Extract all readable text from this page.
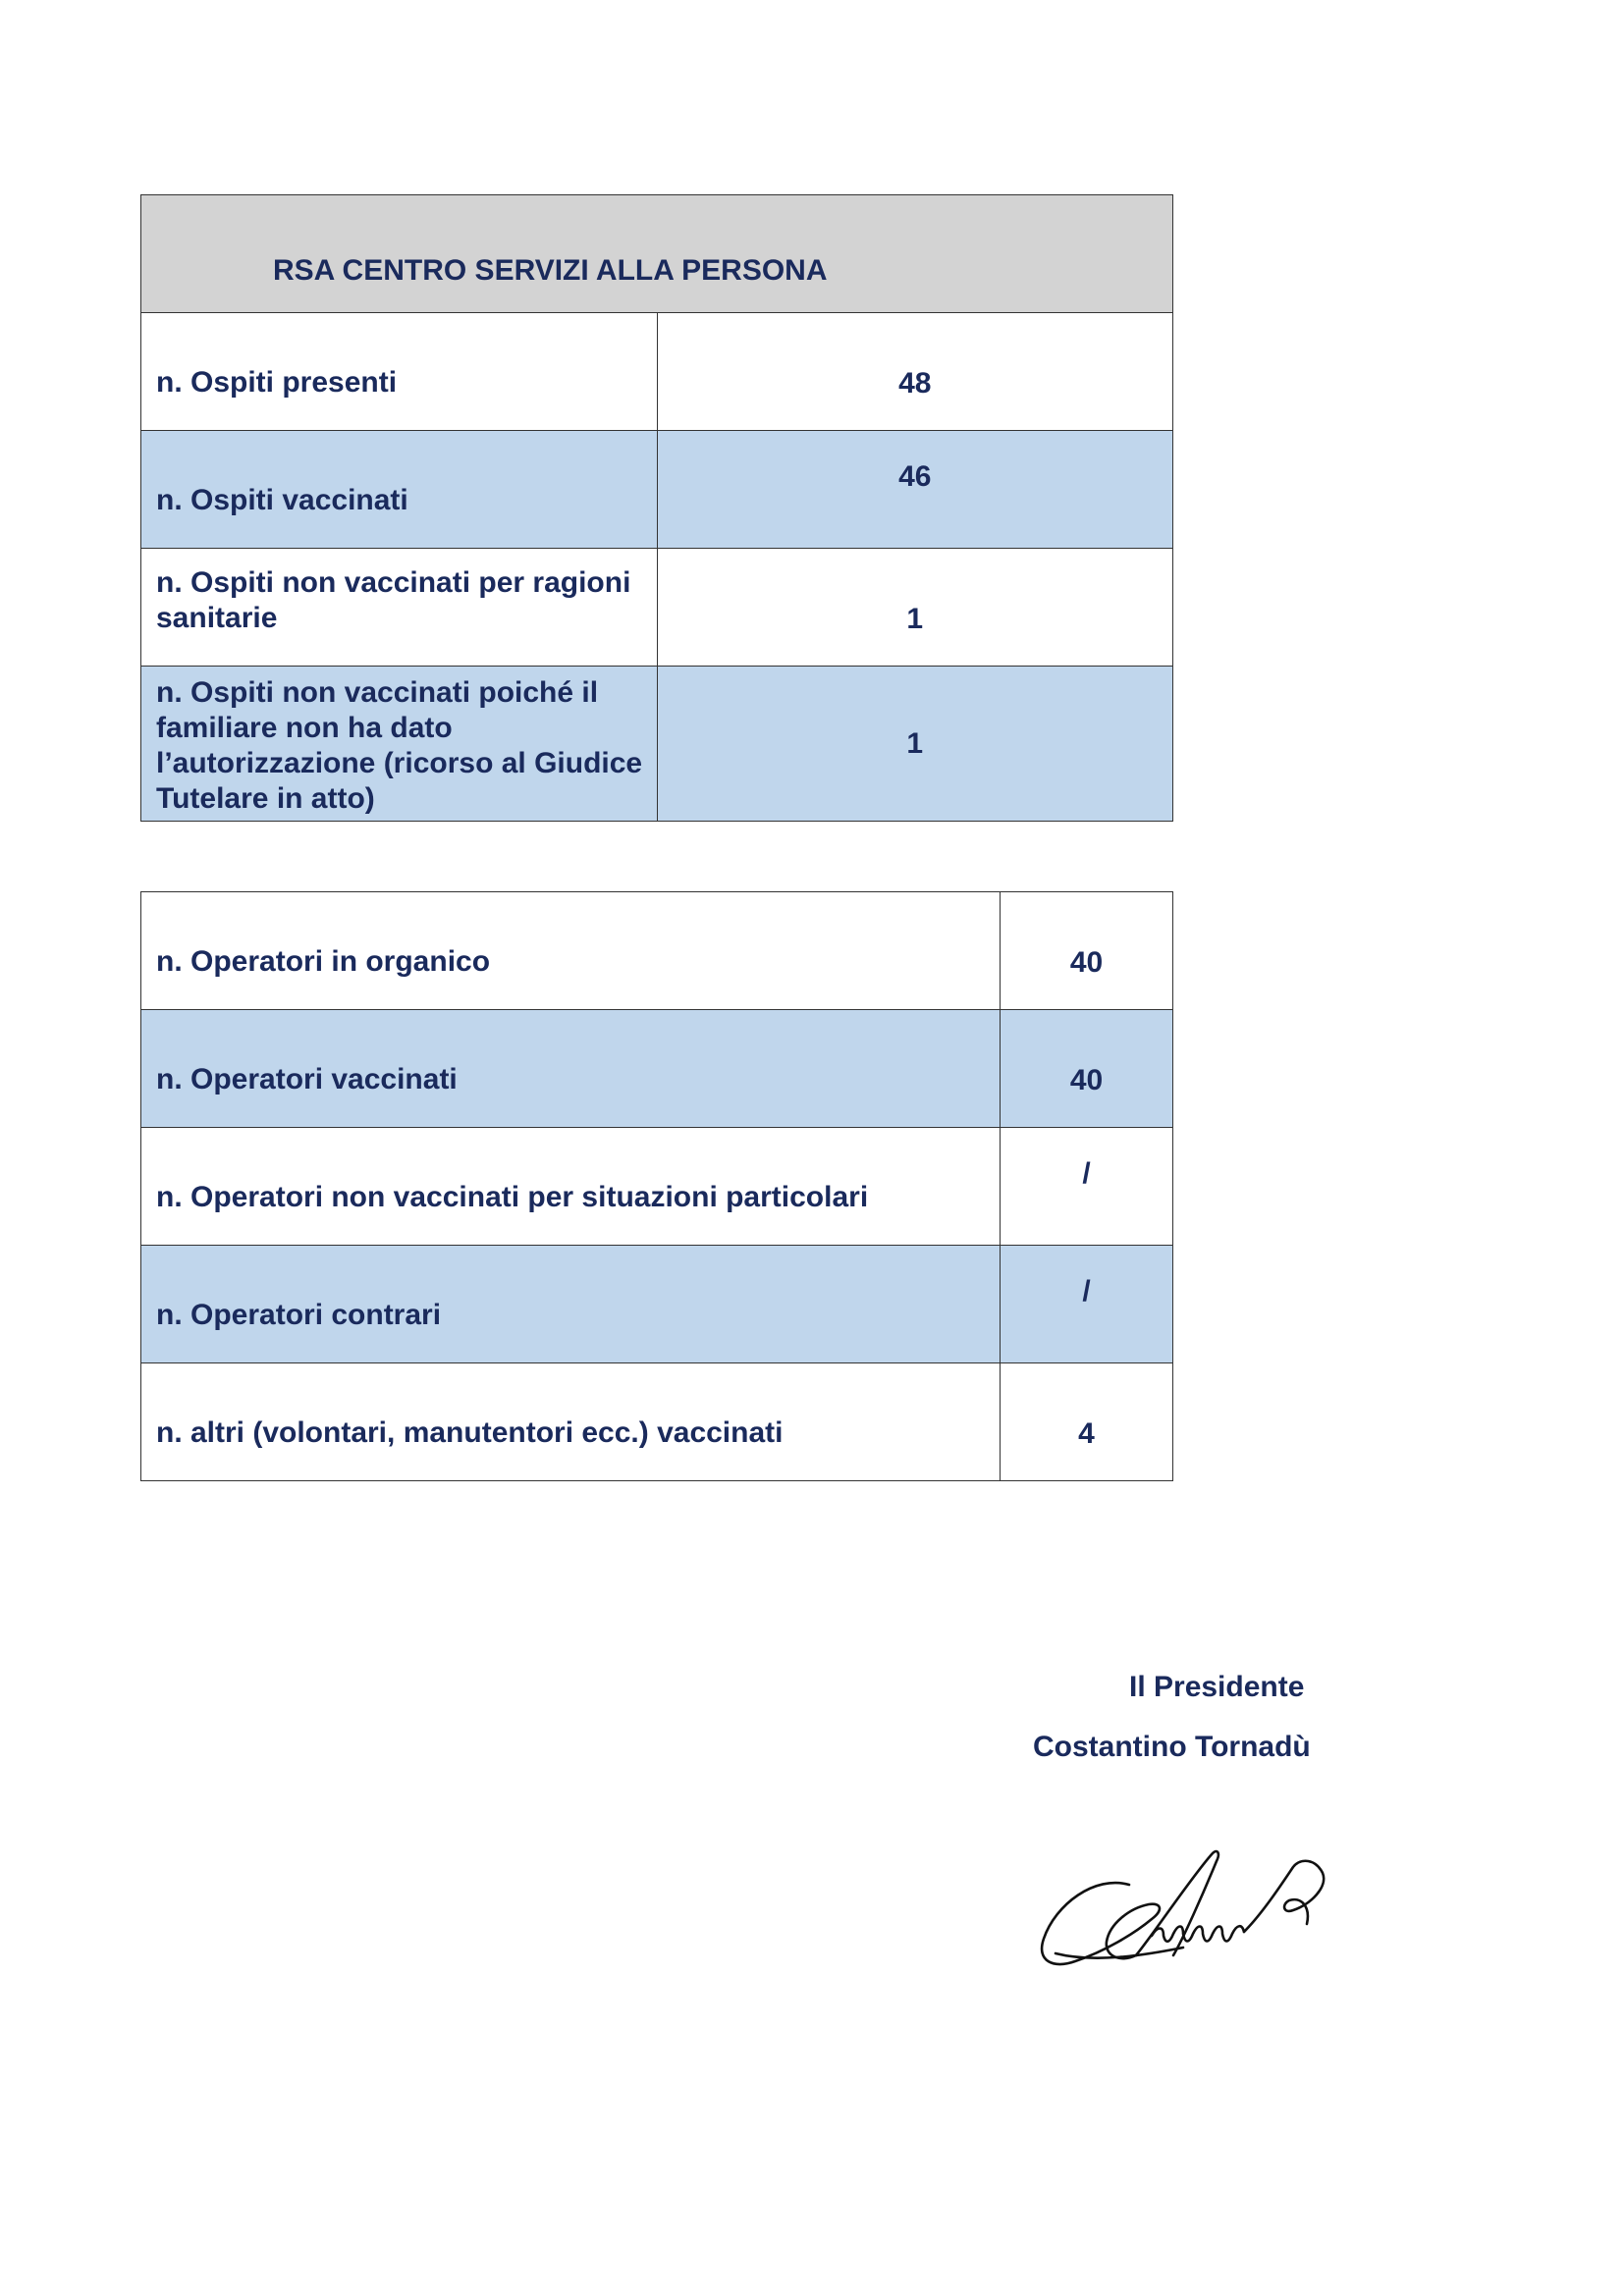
RSA CENTRO SERVIZI ALLA PERSONA	
n. Ospiti presenti	48
n. Ospiti vaccinati	46
n. Ospiti non vaccinati per ragioni sanitarie	1
n. Ospiti non vaccinati poiché il familiare non ha dato l’autorizzazione (ricorso al Giudice Tutelare in atto)	1
n. Operatori in organico	40
n. Operatori vaccinati	40
n. Operatori non vaccinati per situazioni particolari	/
n. Operatori contrari	/
n. altri (volontari, manutentori ecc.) vaccinati	4
Il Presidente
Costantino Tornadù
